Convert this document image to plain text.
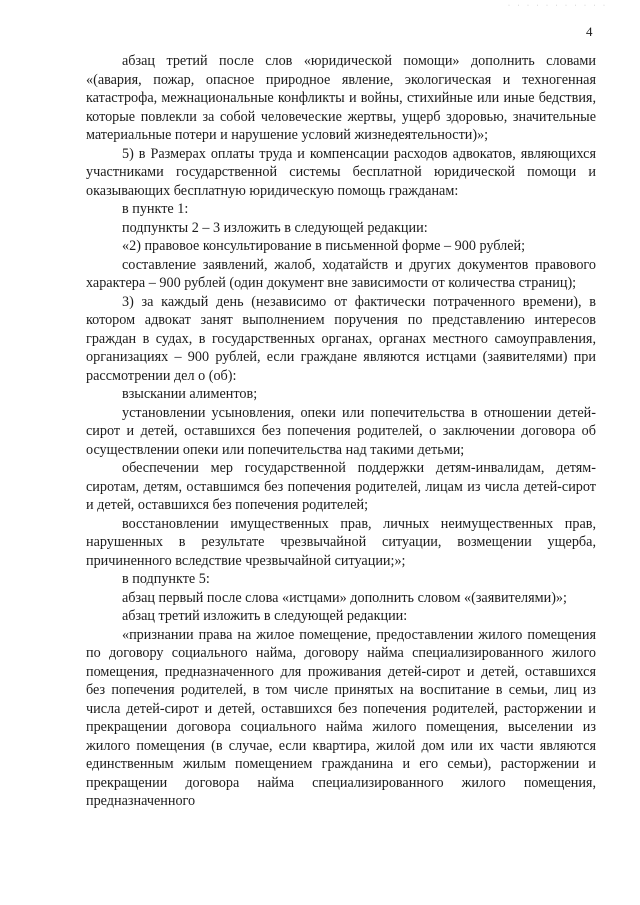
· · · · · · · · · · ·
4

абзац третий после слов «юридической помощи» дополнить словами «(авария, пожар, опасное природное явление, экологическая и техногенная катастрофа, межнациональные конфликты и войны, стихийные или иные бедствия, которые повлекли за собой человеческие жертвы, ущерб здоровью, значительные материальные потери и нарушение условий жизнедеятельности)»;

5) в Размерах оплаты труда и компенсации расходов адвокатов, являющихся участниками государственной системы бесплатной юридической помощи и оказывающих бесплатную юридическую помощь гражданам:

в пункте 1:

подпункты 2 – 3 изложить в следующей редакции:

«2) правовое консультирование в письменной форме – 900 рублей;

составление заявлений, жалоб, ходатайств и других документов правового характера – 900 рублей (один документ вне зависимости от количества страниц);

3) за каждый день (независимо от фактически потраченного времени), в котором адвокат занят выполнением поручения по представлению интересов граждан в судах, в государственных органах, органах местного самоуправления, организациях – 900 рублей, если граждане являются истцами (заявителями) при рассмотрении дел о (об):

взыскании алиментов;

установлении усыновления, опеки или попечительства в отношении детей-сирот и детей, оставшихся без попечения родителей, о заключении договора об осуществлении опеки или попечительства над такими детьми;

обеспечении мер государственной поддержки детям-инвалидам, детям-сиротам, детям, оставшимся без попечения родителей, лицам из числа детей-сирот и детей, оставшихся без попечения родителей;

восстановлении имущественных прав, личных неимущественных прав, нарушенных в результате чрезвычайной ситуации, возмещении ущерба, причиненного вследствие чрезвычайной ситуации;»;

в подпункте 5:

абзац первый после слова «истцами» дополнить словом «(заявителями)»;

абзац третий изложить в следующей редакции:

«признании права на жилое помещение, предоставлении жилого помещения по договору социального найма, договору найма специализированного жилого помещения, предназначенного для проживания детей-сирот и детей, оставшихся без попечения родителей, в том числе принятых на воспитание в семьи, лиц из числа детей-сирот и детей, оставшихся без попечения родителей, расторжении и прекращении договора социального найма жилого помещения, выселении из жилого помещения (в случае, если квартира, жилой дом или их части являются единственным жилым помещением гражданина и его семьи), расторжении и прекращении договора найма специализированного жилого помещения, предназначенного
